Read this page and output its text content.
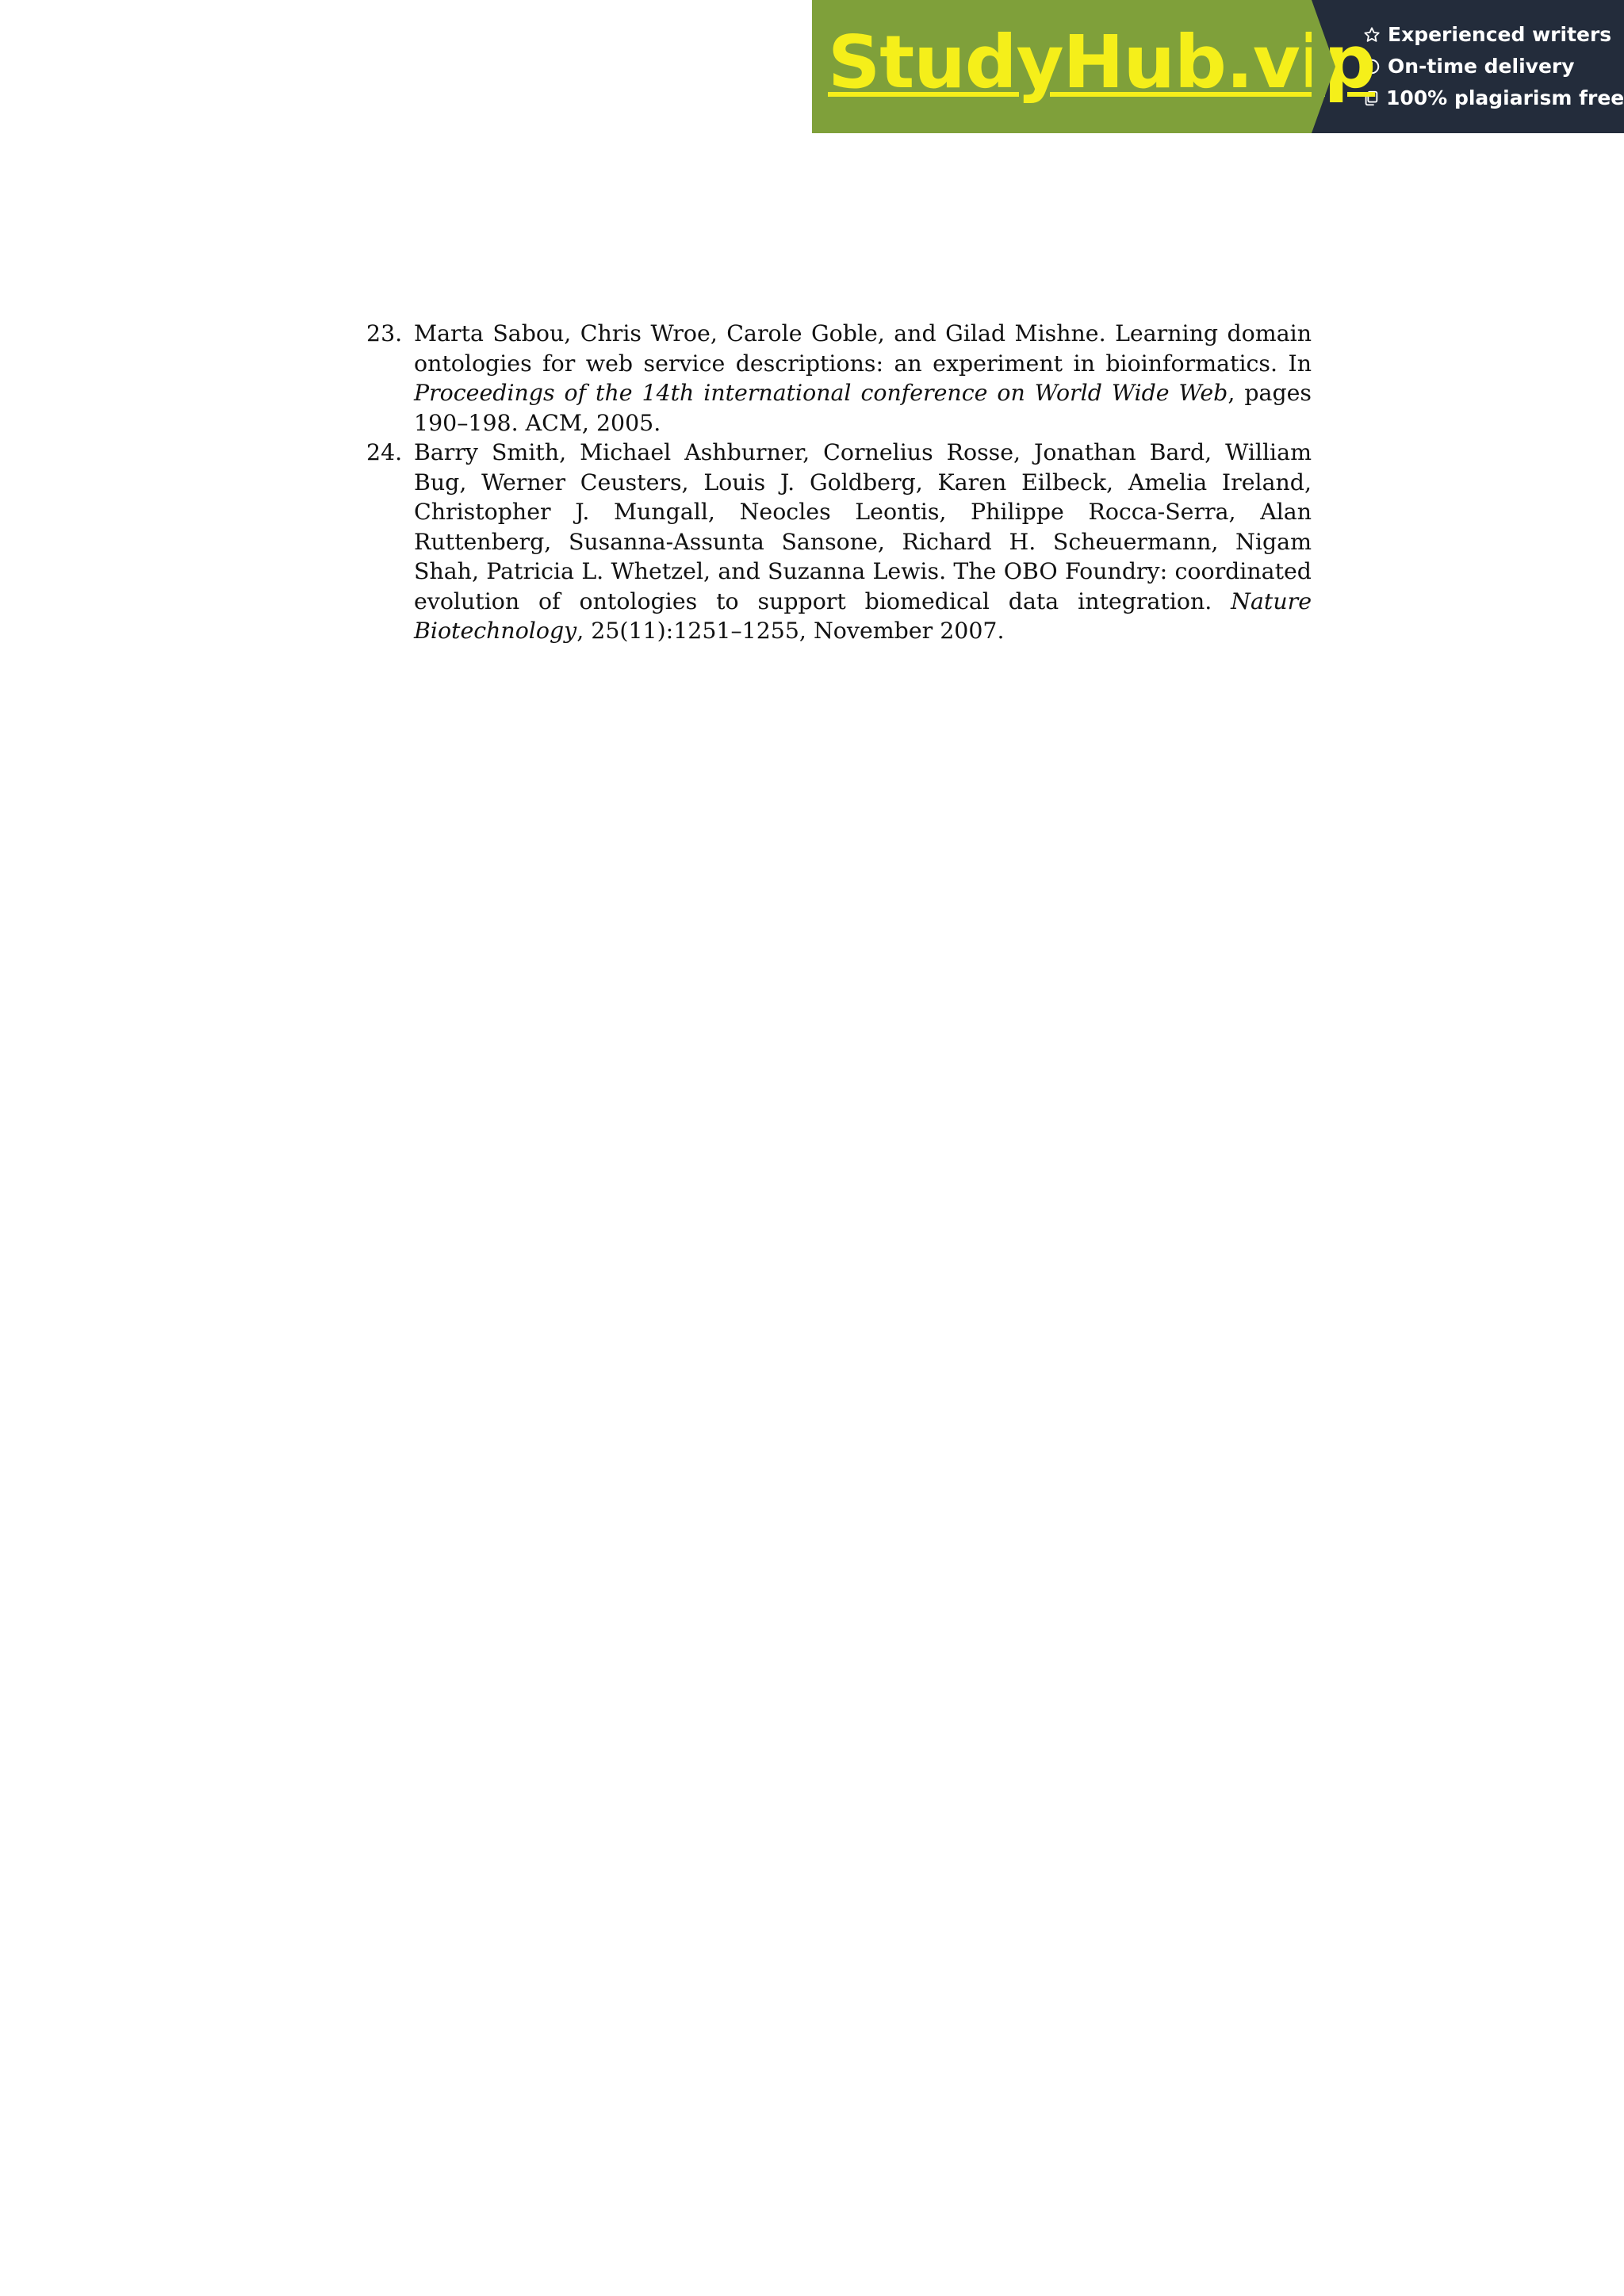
StudyHub.vip Experienced writers
On-time delivery
100% plagiarism free
23. Marta Sabou, Chris Wroe, Carole Goble, and Gilad Mishne. Learning domain ontologies for web service descriptions: an experiment in bioinformatics. In Proceedings of the 14th international conference on World Wide Web, pages 190–198. ACM, 2005.
24. Barry Smith, Michael Ashburner, Cornelius Rosse, Jonathan Bard, William Bug, Werner Ceusters, Louis J. Goldberg, Karen Eilbeck, Amelia Ireland, Christopher J. Mungall, Neocles Leontis, Philippe Rocca-Serra, Alan Ruttenberg, Susanna-Assunta Sansone, Richard H. Scheuermann, Nigam Shah, Patricia L. Whetzel, and Suzanna Lewis. The OBO Foundry: coordinated evolution of ontologies to support biomedical data integration. Nature Biotechnology, 25(11):1251–1255, November 2007.
